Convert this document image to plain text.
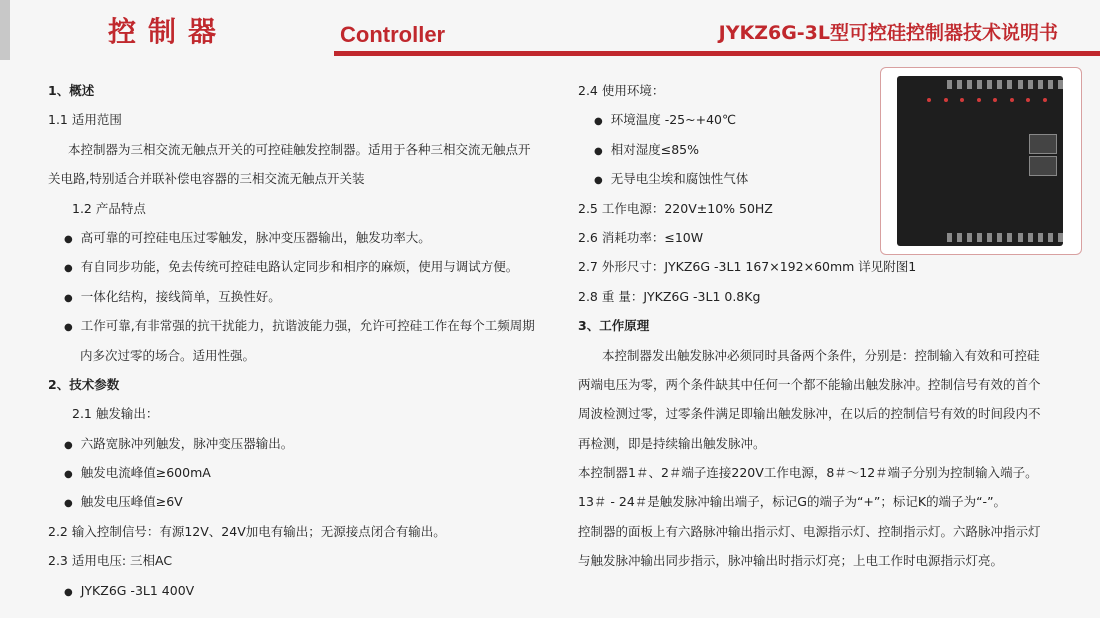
控制器	Controller	JYKZ6G-3L型可控硅控制器技术说明书
1、概述
1.1 适用范围
本控制器为三相交流无触点开关的可控硅触发控制器。适用于各种三相交流无触点开
关电路,特别适合并联补偿电容器的三相交流无触点开关装
1.2 产品特点
● 高可靠的可控硅电压过零触发，脉冲变压器输出，触发功率大。
● 有自同步功能，免去传统可控硅电路认定同步和相序的麻烦，使用与调试方便。
● 一体化结构，接线简单，互换性好。
● 工作可靠,有非常强的抗干扰能力，抗谐波能力强，允许可控硅工作在每个工频周期
内多次过零的场合。适用性强。
2、技术参数
2.1 触发输出：
● 六路宽脉冲列触发，脉冲变压器输出。
● 触发电流峰值≥600mA
● 触发电压峰值≥6V
2.2 输入控制信号：有源12V、24V加电有输出；无源接点闭合有输出。
2.3 适用电压: 三相AC
● JYKZ6G -3L1 400V
2.4 使用环境：
● 环境温度 -25~+40℃
● 相对湿度≤85%
● 无导电尘埃和腐蚀性气体
2.5 工作电源：220V±10% 50HZ
2.6 消耗功率：≤10W
2.7 外形尺寸：JYKZ6G -3L1 167×192×60mm 详见附图1
2.8 重 量：JYKZ6G -3L1 0.8Kg
3、工作原理
本控制器发出触发脉冲必须同时具备两个条件，分别是：控制输入有效和可控硅
两端电压为零，两个条件缺其中任何一个都不能输出触发脉冲。控制信号有效的首个
周波检测过零，过零条件满足即输出触发脉冲，在以后的控制信号有效的时间段内不
再检测，即是持续输出触发脉冲。
本控制器1＃、2＃端子连接220V工作电源，8＃～12＃端子分别为控制输入端子。
13＃ - 24＃是触发脉冲输出端子，标记G的端子为“+”；标记K的端子为“-”。
控制器的面板上有六路脉冲输出指示灯、电源指示灯、控制指示灯。六路脉冲指示灯
与触发脉冲输出同步指示，脉冲输出时指示灯亮；上电工作时电源指示灯亮。
